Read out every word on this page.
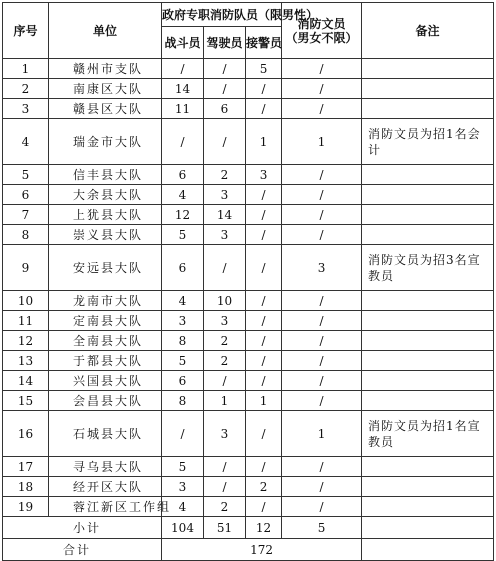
序号	单位	政府专职消防队员（限男性）			消防文员
（男女不限）	备注
		战斗员	驾驶员	接警员		
1	赣州市支队	/	/	5	/	
2	南康区大队	14	/	/	/	
3	赣县区大队	11	6	/	/	
4	瑞金市大队	/	/	1	1	消防文员为招1名会计
5	信丰县大队	6	2	3	/	
6	大余县大队	4	3	/	/	
7	上犹县大队	12	14	/	/	
8	崇义县大队	5	3	/	/	
9	安远县大队	6	/	/	3	消防文员为招3名宣教员
10	龙南市大队	4	10	/	/	
11	定南县大队	3	3	/	/	
12	全南县大队	8	2	/	/	
13	于都县大队	5	2	/	/	
14	兴国县大队	6	/	/	/	
15	会昌县大队	8	1	1	/	
16	石城县大队	/	3	/	1	消防文员为招1名宣教员
17	寻乌县大队	5	/	/	/	
18	经开区大队	3	/	2	/	
19	蓉江新区工作组	4	2	/	/	
小计		104	51	12	5	
合计		172				
